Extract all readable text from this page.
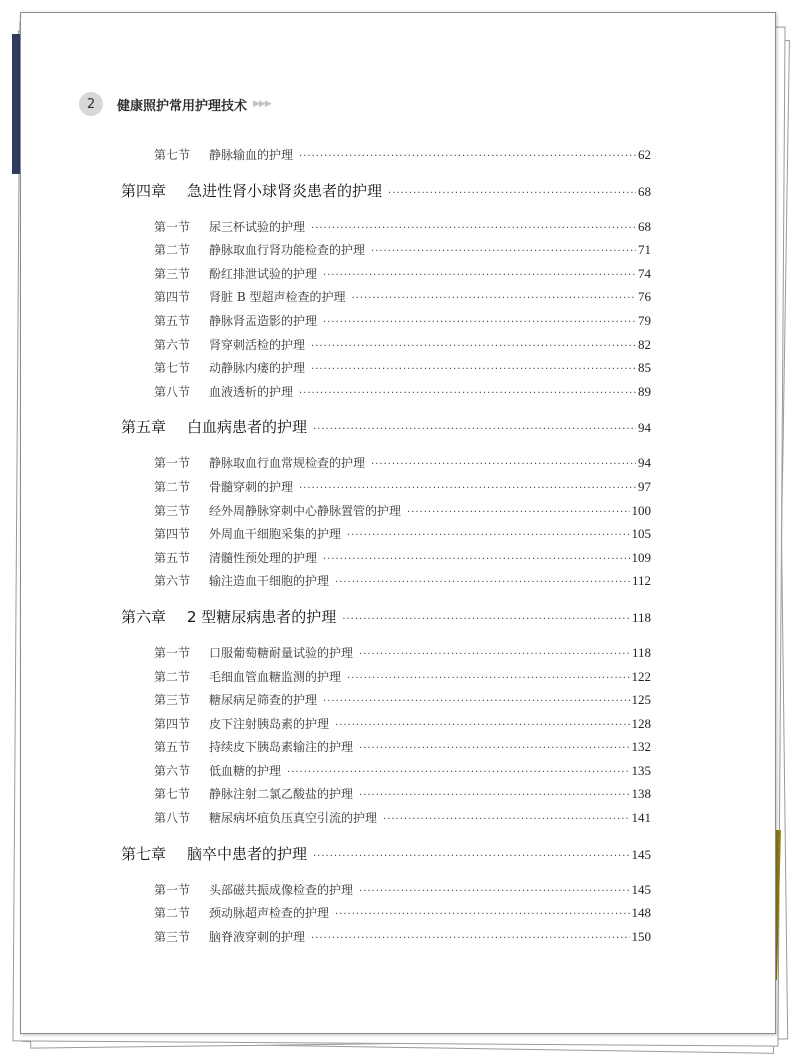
2	健康照护常用护理技术 ▶▶▶
第七节	静脉输血的护理 ·····	62
第四章	急进性肾小球肾炎患者的护理 ·····	68
第一节	尿三杯试验的护理 ·····	68
第二节	静脉取血行肾功能检查的护理 ·····	71
第三节	酚红排泄试验的护理 ·····	74
第四节	肾脏 B 型超声检查的护理 ·····	76
第五节	静脉肾盂造影的护理 ·····	79
第六节	肾穿刺活检的护理 ·····	82
第七节	动静脉内瘘的护理 ·····	85
第八节	血液透析的护理 ·····	89
第五章	白血病患者的护理 ·····	94
第一节	静脉取血行血常规检查的护理 ·····	94
第二节	骨髓穿刺的护理 ·····	97
第三节	经外周静脉穿刺中心静脉置管的护理 ·····	100
第四节	外周血干细胞采集的护理 ·····	105
第五节	清髓性预处理的护理 ·····	109
第六节	输注造血干细胞的护理 ·····	112
第六章	2 型糖尿病患者的护理 ·····	118
第一节	口服葡萄糖耐量试验的护理 ·····	118
第二节	毛细血管血糖监测的护理 ·····	122
第三节	糖尿病足筛查的护理 ·····	125
第四节	皮下注射胰岛素的护理 ·····	128
第五节	持续皮下胰岛素输注的护理 ·····	132
第六节	低血糖的护理 ·····	135
第七节	静脉注射二氯乙酸盐的护理 ·····	138
第八节	糖尿病坏疽负压真空引流的护理 ·····	141
第七章	脑卒中患者的护理 ·····	145
第一节	头部磁共振成像检查的护理 ·····	145
第二节	颈动脉超声检查的护理 ·····	148
第三节	脑脊液穿刺的护理 ·····	150
